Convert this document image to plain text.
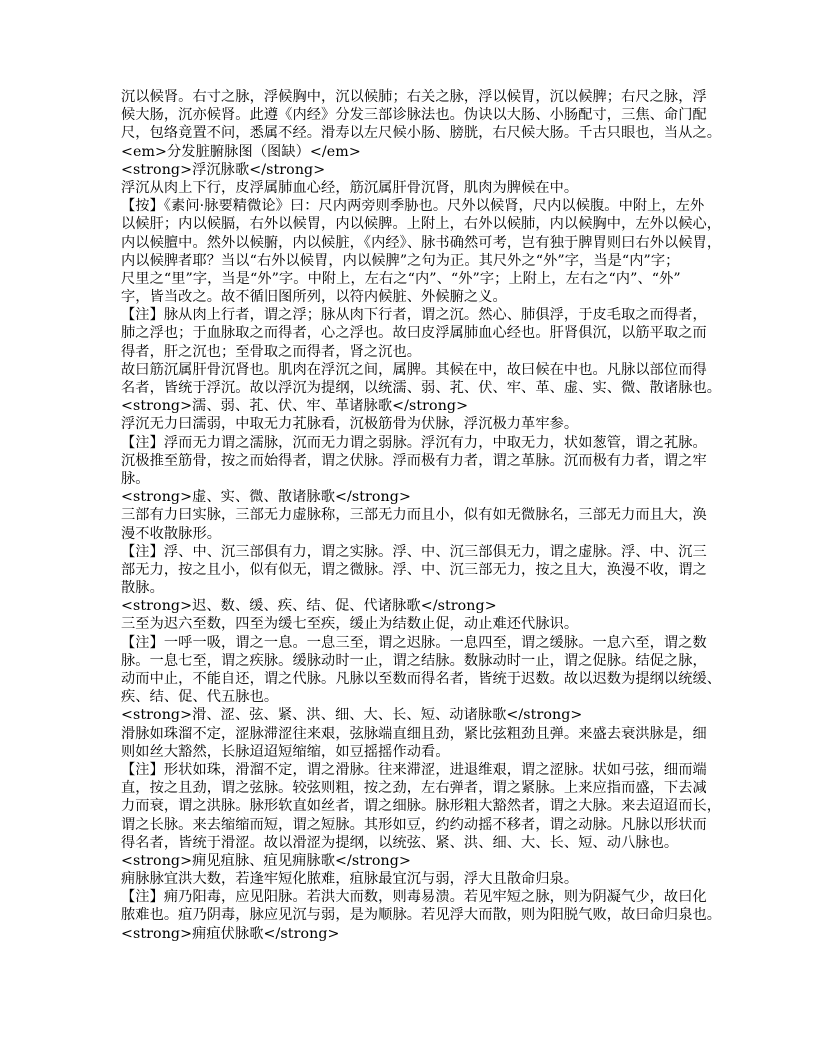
沉以候肾。右寸之脉，浮候胸中，沉以候肺；右关之脉，浮以候胃，沉以候脾；右尺之脉，浮
候大肠，沉亦候肾。此遵《内经》分发三部诊脉法也。伪诀以大肠、小肠配寸，三焦、命门配
尺，包络竟置不问，悉属不经。滑寿以左尺候小肠、膀胱，右尺候大肠。千古只眼也，当从之。
<em>分发脏腑脉图（图缺）</em>
<strong>浮沉脉歌</strong>
浮沉从肉上下行，皮浮属肺血心经，筋沉属肝骨沉肾，肌肉为脾候在中。
【按】《素问·脉要精微论》曰：尺内两旁则季胁也。尺外以候肾，尺内以候腹。中附上，左外
以候肝；内以候膈，右外以候胃，内以候脾。上附上，右外以候肺，内以候胸中，左外以候心，
内以候膻中。然外以候腑，内以候脏，《内经》、脉书确然可考，岂有独于脾胃则曰右外以候胃，
内以候脾者耶？当以“右外以候胃，内以候脾”之句为正。其尺外之“外”字，当是“内”字；
尺里之“里”字，当是“外”字。中附上，左右之“内”、“外”字；上附上，左右之“内”、“外”
字，皆当改之。故不循旧图所列，以符内候脏、外候腑之义。
【注】脉从肉上行者，谓之浮；脉从肉下行者，谓之沉。然心、肺俱浮，于皮毛取之而得者，
肺之浮也；于血脉取之而得者，心之浮也。故曰皮浮属肺血心经也。肝肾俱沉，以筋平取之而
得者，肝之沉也；至骨取之而得者，肾之沉也。
故曰筋沉属肝骨沉肾也。肌肉在浮沉之间，属脾。其候在中，故曰候在中也。凡脉以部位而得
名者，皆统于浮沉。故以浮沉为提纲，以统濡、弱、芤、伏、牢、革、虚、实、微、散诸脉也。
<strong>濡、弱、芤、伏、牢、革诸脉歌</strong>
浮沉无力曰濡弱，中取无力芤脉看，沉极筋骨为伏脉，浮沉极力革牢参。
【注】浮而无力谓之濡脉，沉而无力谓之弱脉。浮沉有力，中取无力，状如葱管，谓之芤脉。
沉极推至筋骨，按之而始得者，谓之伏脉。浮而极有力者，谓之革脉。沉而极有力者，谓之牢
脉。
<strong>虚、实、微、散诸脉歌</strong>
三部有力曰实脉，三部无力虚脉称，三部无力而且小，似有如无微脉名，三部无力而且大，涣
漫不收散脉形。
【注】浮、中、沉三部俱有力，谓之实脉。浮、中、沉三部俱无力，谓之虚脉。浮、中、沉三
部无力，按之且小，似有似无，谓之微脉。浮、中、沉三部无力，按之且大，涣漫不收，谓之
散脉。
<strong>迟、数、缓、疾、结、促、代诸脉歌</strong>
三至为迟六至数，四至为缓七至疾，缓止为结数止促，动止难还代脉识。
【注】一呼一吸，谓之一息。一息三至，谓之迟脉。一息四至，谓之缓脉。一息六至，谓之数
脉。一息七至，谓之疾脉。缓脉动时一止，谓之结脉。数脉动时一止，谓之促脉。结促之脉，
动而中止，不能自还，谓之代脉。凡脉以至数而得名者，皆统于迟数。故以迟数为提纲以统缓、
疾、结、促、代五脉也。
<strong>滑、涩、弦、紧、洪、细、大、长、短、动诸脉歌</strong>
滑脉如珠溜不定，涩脉滞涩往来艰，弦脉端直细且劲，紧比弦粗劲且弹。来盛去衰洪脉是，细
则如丝大豁然，长脉迢迢短缩缩，如豆摇摇作动看。
【注】形状如珠，滑溜不定，谓之滑脉。往来滞涩，进退维艰，谓之涩脉。状如弓弦，细而端
直，按之且劲，谓之弦脉。较弦则粗，按之劲，左右弹者，谓之紧脉。上来应指而盛，下去减
力而衰，谓之洪脉。脉形软直如丝者，谓之细脉。脉形粗大豁然者，谓之大脉。来去迢迢而长，
谓之长脉。来去缩缩而短，谓之短脉。其形如豆，约约动摇不移者，谓之动脉。凡脉以形状而
得名者，皆统于滑涩。故以滑涩为提纲，以统弦、紧、洪、细、大、长、短、动八脉也。
<strong>痈见疽脉、疽见痈脉歌</strong>
痈脉脉宜洪大数，若逢牢短化脓难，疽脉最宜沉与弱，浮大且散命归泉。
【注】痈乃阳毒，应见阳脉。若洪大而数，则毒易溃。若见牢短之脉，则为阴凝气少，故曰化
脓难也。疽乃阴毒，脉应见沉与弱，是为顺脉。若见浮大而散，则为阳脱气败，故曰命归泉也。
<strong>痈疽伏脉歌</strong>
